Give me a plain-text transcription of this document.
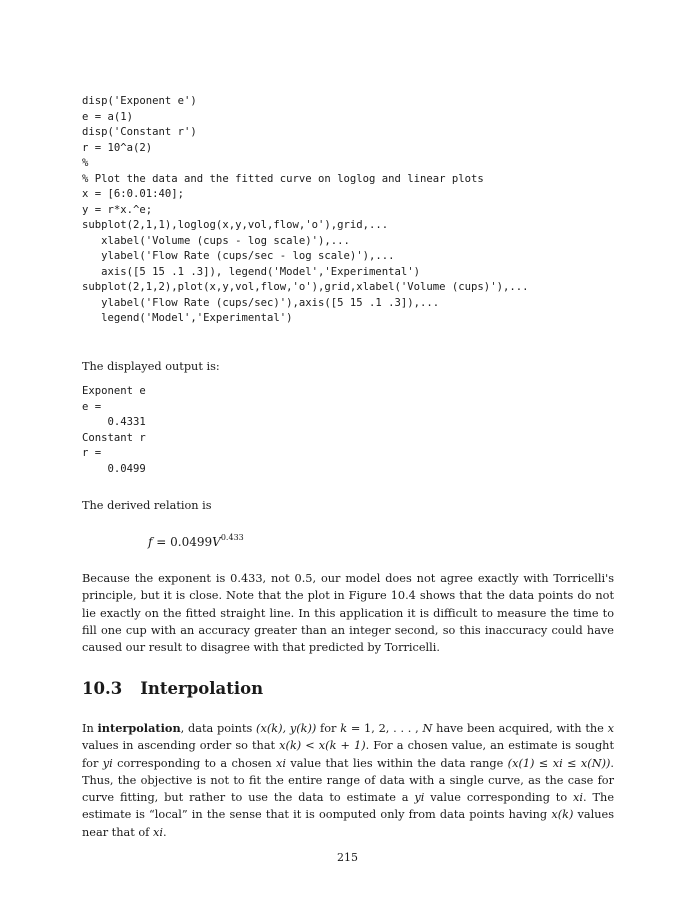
disp('Exponent e')
e = a(1)
disp('Constant r')
r = 10^a(2)
%
% Plot the data and the fitted curve on loglog and linear plots
x = [6:0.01:40];
y = r*x.^e;
subplot(2,1,1),loglog(x,y,vol,flow,'o'),grid,...
xlabel('Volume (cups - log scale)'),...
ylabel('Flow Rate (cups/sec - log scale)'),...
axis([5 15 .1 .3]), legend('Model','Experimental')
subplot(2,1,2),plot(x,y,vol,flow,'o'),grid,xlabel('Volume (cups)'),...
ylabel('Flow Rate (cups/sec)'),axis([5 15 .1 .3]),...
legend('Model','Experimental')
The displayed output is:
Exponent e
e =
0.4331
Constant r
r =
0.0499
The derived relation is
$f = 0.0499V^{0.433}$
Because the exponent is 0.433, not 0.5, our model does not agree exactly with Torricelli's principle, but it is close. Note that the plot in Figure 10.4 shows that the data points do not lie exactly on the fitted straight line. In this application it is difficult to measure the time to fill one cup with an accuracy greater than an integer second, so this inaccuracy could have caused our result to disagree with that predicted by Torricelli.
10.3 Interpolation
In interpolation, data points (x(k), y(k)) for k = 1, 2, . . . , N have been acquired, with the x values in ascending order so that x(k) < x(k + 1). For a chosen value, an estimate is sought for yi corresponding to a chosen xi value that lies within the data range (x(1) ≤ xi ≤ x(N)). Thus, the objective is not to fit the entire range of data with a single curve, as the case for curve fitting, but rather to use the data to estimate a yi value corresponding to xi. The estimate is “local” in the sense that it is oomputed only from data points having x(k) values near that of xi.
215
